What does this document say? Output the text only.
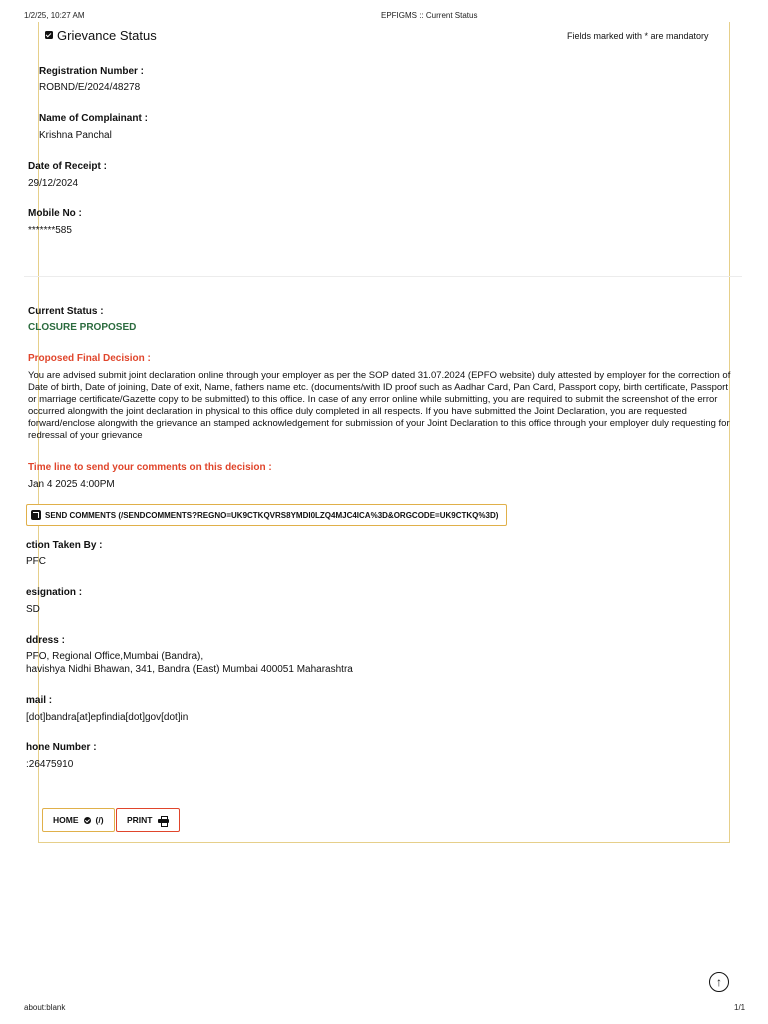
1/2/25, 10:27 AM	EPFIGMS :: Current Status
Grievance Status	Fields marked with * are mandatory
Registration Number :
ROBND/E/2024/48278
Name of Complainant :
Krishna Panchal
Date of Receipt :
29/12/2024
Mobile No :
*******585
Current Status :
CLOSURE PROPOSED
Proposed Final Decision :
You are advised submit joint declaration online through your employer as per the SOP dated 31.07.2024 (EPFO website) duly attested by employer for the correction of Date of birth, Date of joining, Date of exit, Name, fathers name etc. (documents/with ID proof such as Aadhar Card, Pan Card, Passport copy, birth certificate, Passport or marriage certificate/Gazette copy to be submitted) to this office. In case of any error online while submitting, you are required to submit the screenshot of the error occurred alongwith the joint declaration in physical to this office duly completed in all respects. If you have submitted the Joint Declaration, you are requested forward/enclose alongwith the grievance an stamped acknowledgement for submission of your Joint Declaration to this office through your employer duly requesting for redressal of your grievance
Time line to send your comments on this decision :
Jan 4 2025 4:00PM
SEND COMMENTS (/SENDCOMMENTS?REGNO=UK9CTKQVRS8YMDI0LZQ4MJC4ICA%3D&ORGCODE=UK9CTKQ%3D)
ction Taken By :
PFC
esignation :
SD
ddress :
PFO, Regional Office,Mumbai (Bandra),
havishya Nidhi Bhawan, 341, Bandra (East) Mumbai 400051 Maharashtra
mail :
[dot]bandra[at]epfindia[dot]gov[dot]in
hone Number :
:26475910
HOME (/)	PRINT
↑
about:blank	1/1
